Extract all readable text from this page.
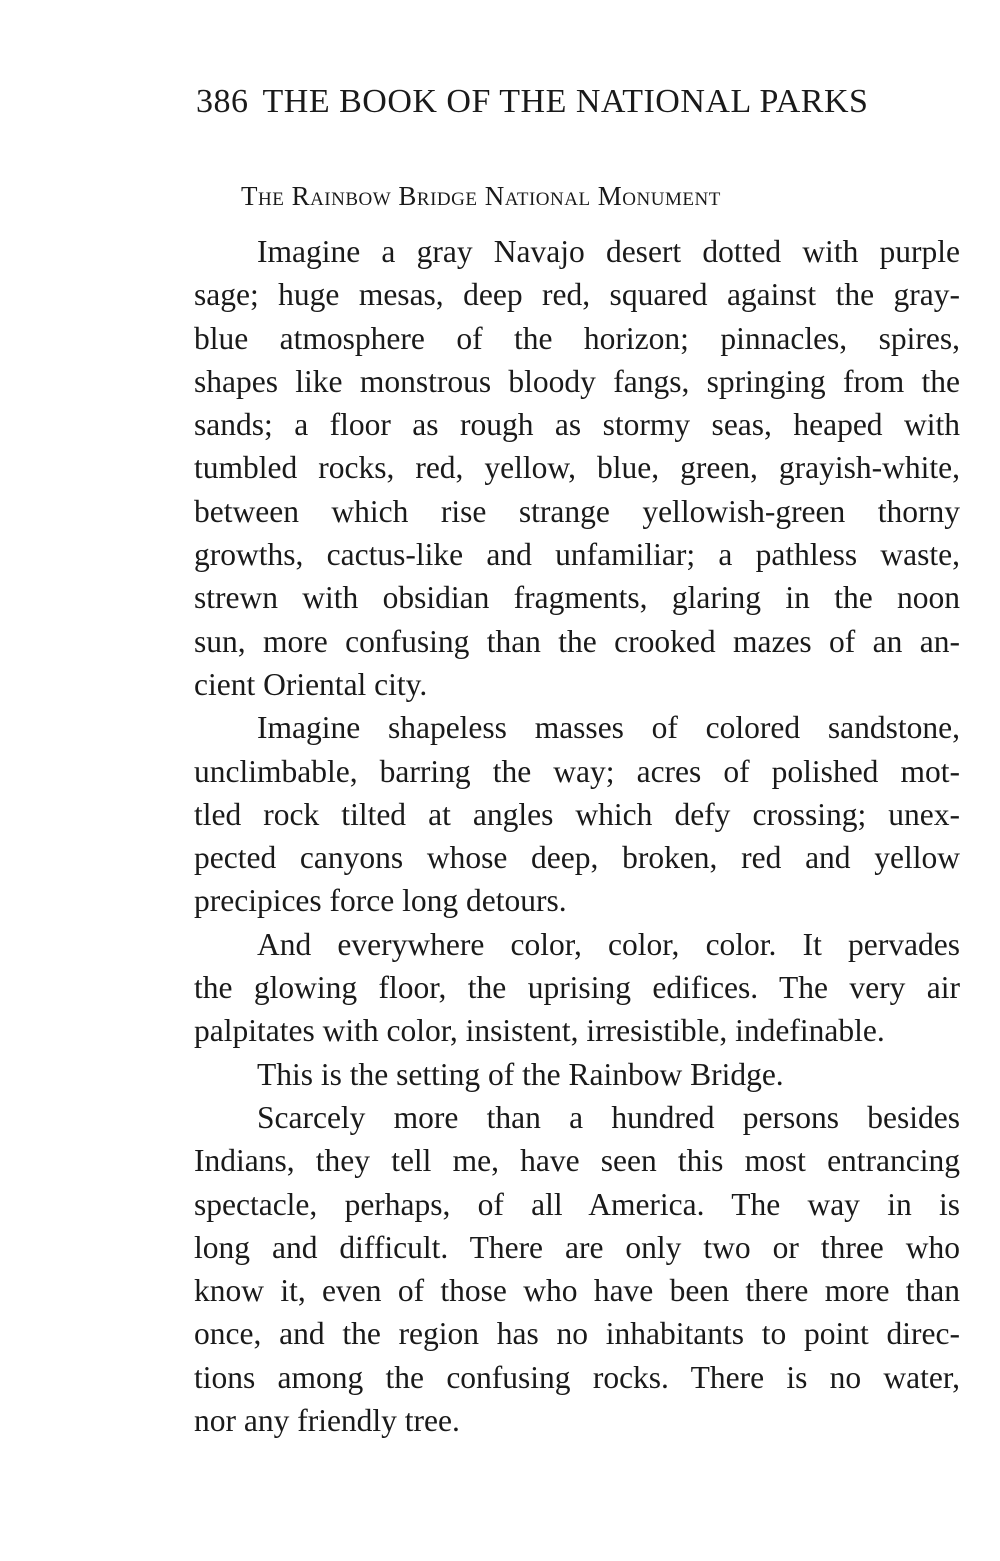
386 THE BOOK OF THE NATIONAL PARKS
The Rainbow Bridge National Monument
Imagine a gray Navajo desert dotted with purple
sage; huge mesas, deep red, squared against the gray-
blue atmosphere of the horizon; pinnacles, spires,
shapes like monstrous bloody fangs, springing from the
sands; a floor as rough as stormy seas, heaped with
tumbled rocks, red, yellow, blue, green, grayish-white,
between which rise strange yellowish-green thorny
growths, cactus-like and unfamiliar; a pathless waste,
strewn with obsidian fragments, glaring in the noon
sun, more confusing than the crooked mazes of an an-
cient Oriental city.
Imagine shapeless masses of colored sandstone,
unclimbable, barring the way; acres of polished mot-
tled rock tilted at angles which defy crossing; unex-
pected canyons whose deep, broken, red and yellow
precipices force long detours.
And everywhere color, color, color. It pervades
the glowing floor, the uprising edifices. The very air
palpitates with color, insistent, irresistible, indefinable.
This is the setting of the Rainbow Bridge.
Scarcely more than a hundred persons besides
Indians, they tell me, have seen this most entrancing
spectacle, perhaps, of all America. The way in is
long and difficult. There are only two or three who
know it, even of those who have been there more than
once, and the region has no inhabitants to point direc-
tions among the confusing rocks. There is no water,
nor any friendly tree.
